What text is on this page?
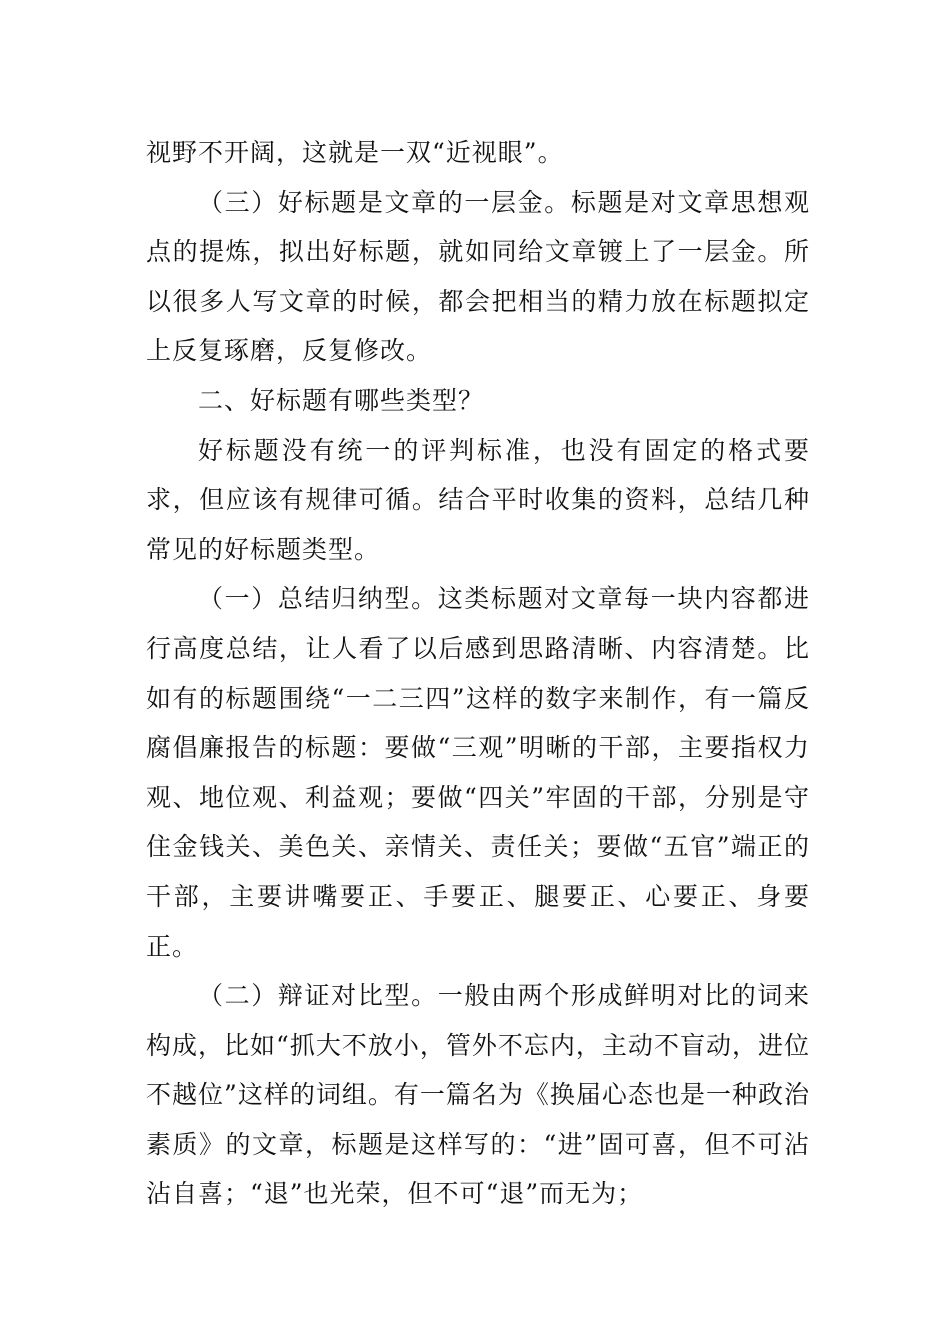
视野不开阔，这就是一双“近视眼”。

（三）好标题是文章的一层金。标题是对文章思想观点的提炼，拟出好标题，就如同给文章镀上了一层金。所以很多人写文章的时候，都会把相当的精力放在标题拟定上反复琢磨，反复修改。

二、好标题有哪些类型？

好标题没有统一的评判标准，也没有固定的格式要求，但应该有规律可循。结合平时收集的资料，总结几种常见的好标题类型。

（一）总结归纳型。这类标题对文章每一块内容都进行高度总结，让人看了以后感到思路清晰、内容清楚。比如有的标题围绕“一二三四”这样的数字来制作，有一篇反腐倡廉报告的标题：要做“三观”明晰的干部，主要指权力观、地位观、利益观；要做“四关”牢固的干部，分别是守住金钱关、美色关、亲情关、责任关；要做“五官”端正的干部，主要讲嘴要正、手要正、腿要正、心要正、身要正。

（二）辩证对比型。一般由两个形成鲜明对比的词来构成，比如“抓大不放小，管外不忘内，主动不盲动，进位不越位”这样的词组。有一篇名为《换届心态也是一种政治素质》的文章，标题是这样写的：“进”固可喜，但不可沾沾自喜；“退”也光荣，但不可“退”而无为；
